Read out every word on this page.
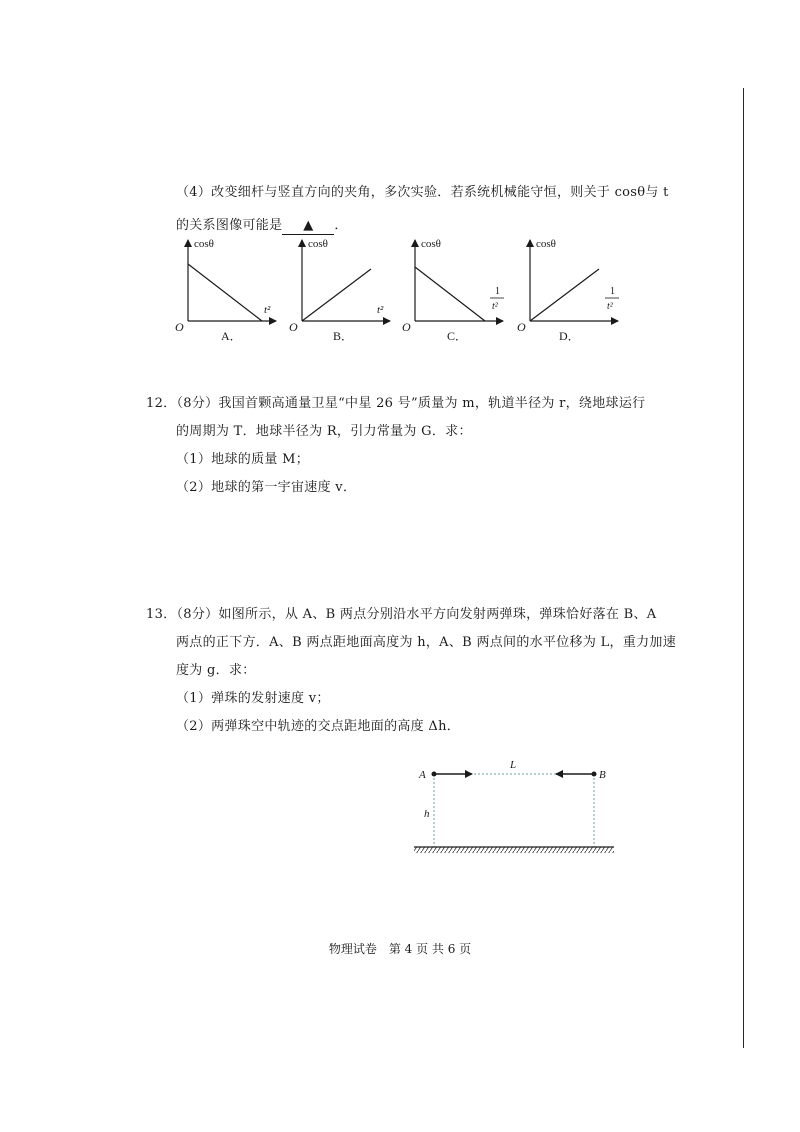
（4）改变细杆与竖直方向的夹角，多次实验．若系统机械能守恒，则关于 cosθ与 t
的关系图像可能是 ▲ ．
cosθ
t²
O
A．
cosθ
t²
O
B．
cosθ
1
t²
O
C．
cosθ
1
t²
O
D．
12．（8分）我国首颗高通量卫星“中星 26 号”质量为 m，轨道半径为 r，绕地球运行
的周期为 T．地球半径为 R，引力常量为 G．求：
（1）地球的质量 M；
（2）地球的第一宇宙速度 v．
13．（8分）如图所示，从 A、B 两点分别沿水平方向发射两弹珠，弹珠恰好落在 B、A
两点的正下方．A、B 两点距地面高度为 h，A、B 两点间的水平位移为 L，重力加速
度为 g．求：
（1）弹珠的发射速度 v；
（2）两弹珠空中轨迹的交点距地面的高度 Δh．
A	B
L
h
物理试卷　第 4 页 共 6 页
